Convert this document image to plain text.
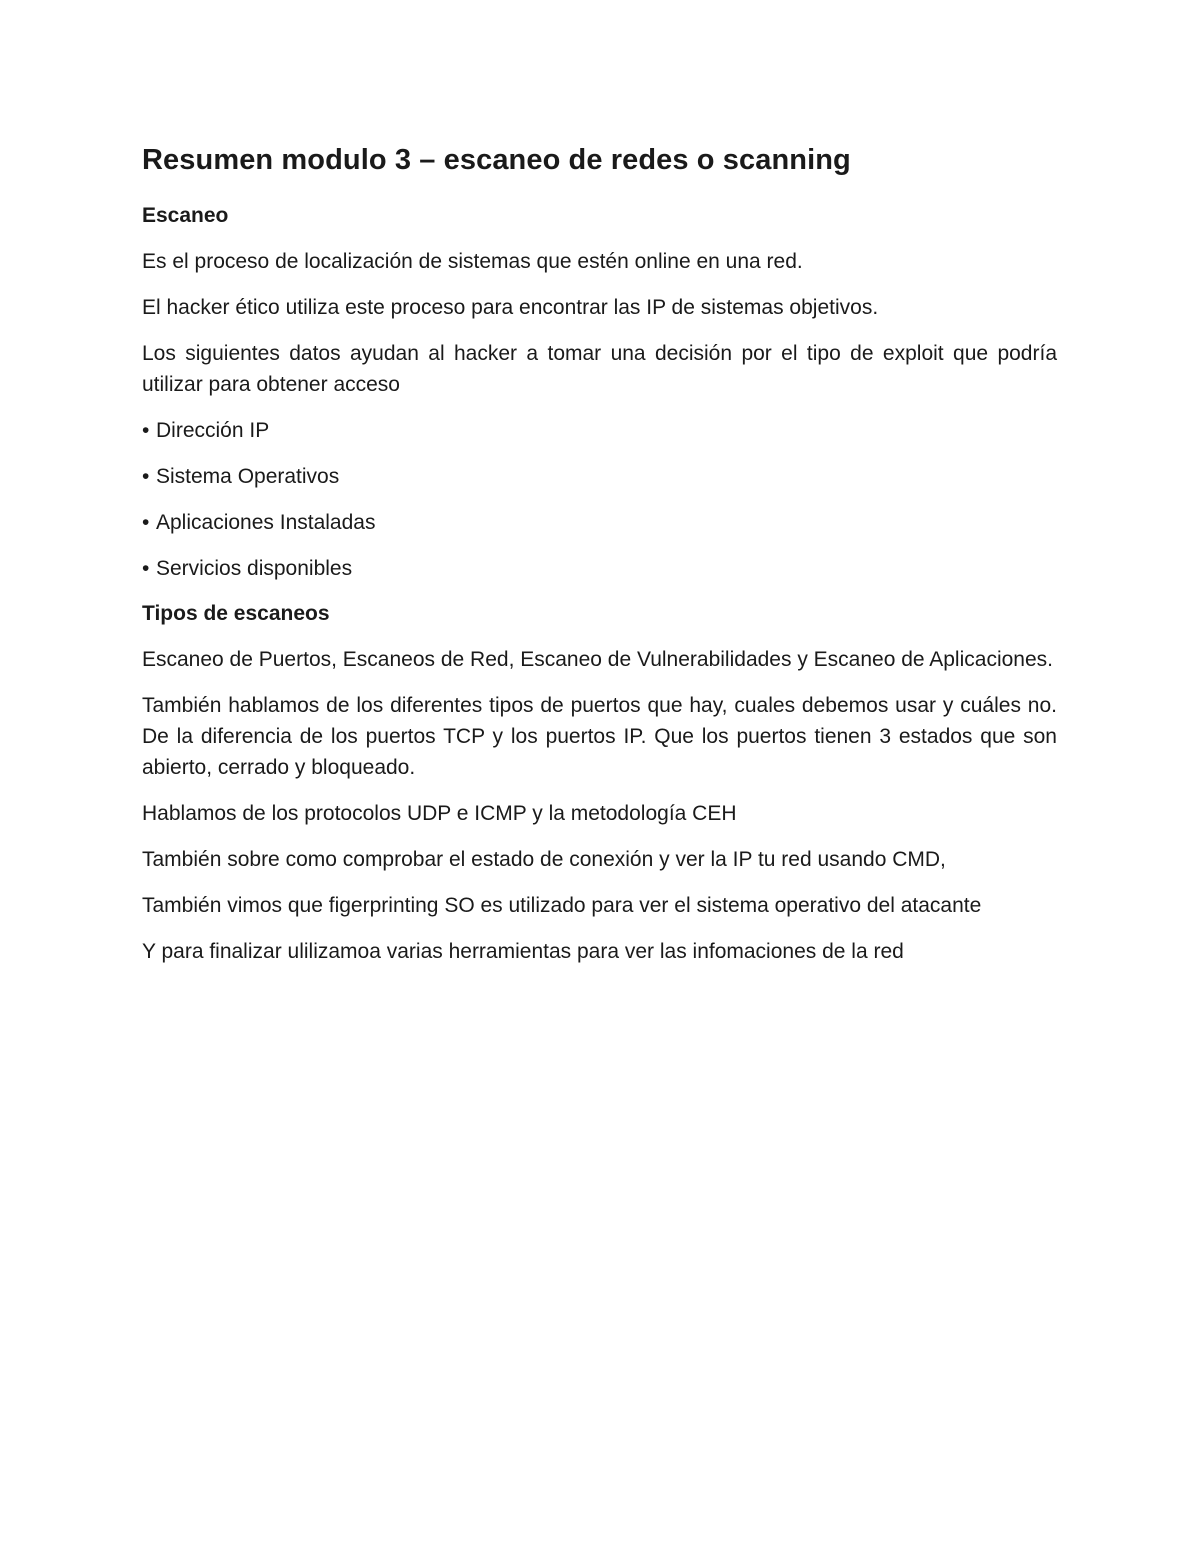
Resumen modulo 3 – escaneo de redes o scanning
Escaneo

Es el proceso de localización de sistemas que estén online en una red.

El hacker ético utiliza este proceso para encontrar las IP de sistemas objetivos.

Los siguientes datos ayudan al hacker a tomar una decisión por el tipo de exploit que podría utilizar para obtener acceso

• Dirección IP
• Sistema Operativos
• Aplicaciones Instaladas
• Servicios disponibles
Tipos de escaneos

Escaneo de Puertos, Escaneos de Red, Escaneo de Vulnerabilidades y Escaneo de Aplicaciones.

También hablamos de los diferentes tipos de puertos que hay, cuales debemos usar y cuáles no. De la diferencia de los puertos TCP y los puertos IP. Que los puertos tienen 3 estados que son abierto, cerrado y bloqueado.

Hablamos de los protocolos UDP e ICMP y la metodología CEH

También sobre como comprobar el estado de conexión y ver la IP tu red usando CMD,

También vimos que figerprinting SO es utilizado para ver el sistema operativo del atacante

Y para finalizar ulilizamoa varias herramientas para ver las infomaciones de la red
